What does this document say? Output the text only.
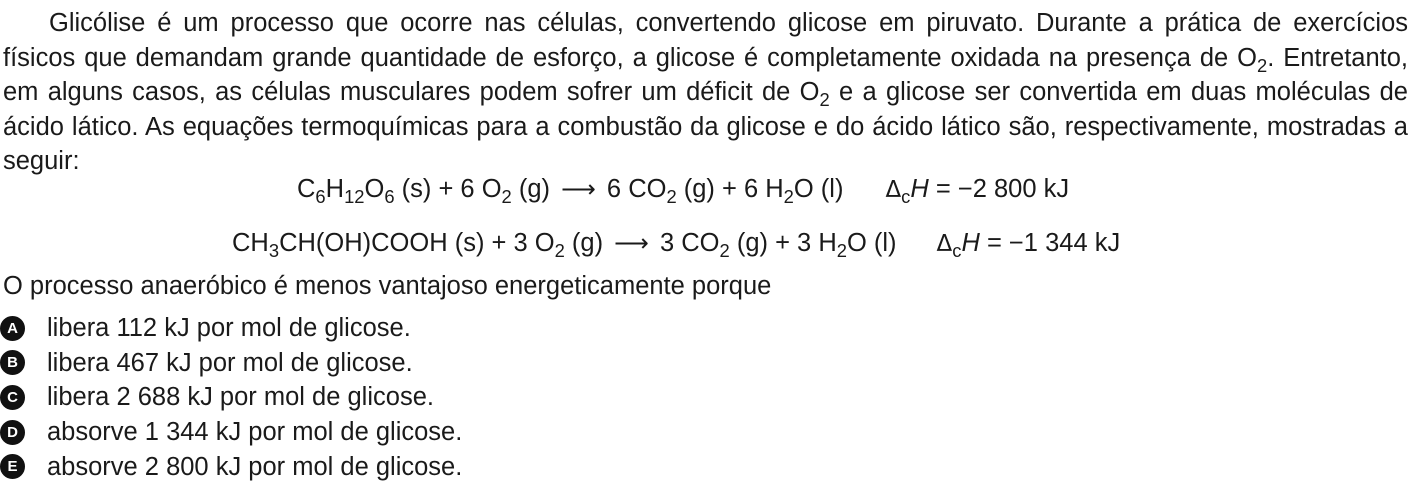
Glicólise é um processo que ocorre nas células, convertendo glicose em piruvato. Durante a prática de exercícios físicos que demandam grande quantidade de esforço, a glicose é completamente oxidada na presença de $O_2$. Entretanto, em alguns casos, as células musculares podem sofrer um déficit de $O_2$ e a glicose ser convertida em duas moléculas de ácido lático. As equações termoquímicas para a combustão da glicose e do ácido lático são, respectivamente, mostradas a seguir:

$C_6H_{12}O_6$ (s) + 6 $O_2$ (g) ⟶ 6 $CO_2$ (g) + 6 $H_2O$ (l) $\Delta_cH = -2$ 800 kJ
$CH_3CH(OH)COOH$ (s) + 3 $O_2$ (g) ⟶ 3 $CO_2$ (g) + 3 $H_2O$ (l) $\Delta_cH = -1$ 344 kJ

O processo anaeróbico é menos vantajoso energeticamente porque

A libera 112 kJ por mol de glicose.
B libera 467 kJ por mol de glicose.
C libera 2 688 kJ por mol de glicose.
D absorve 1 344 kJ por mol de glicose.
E absorve 2 800 kJ por mol de glicose.
